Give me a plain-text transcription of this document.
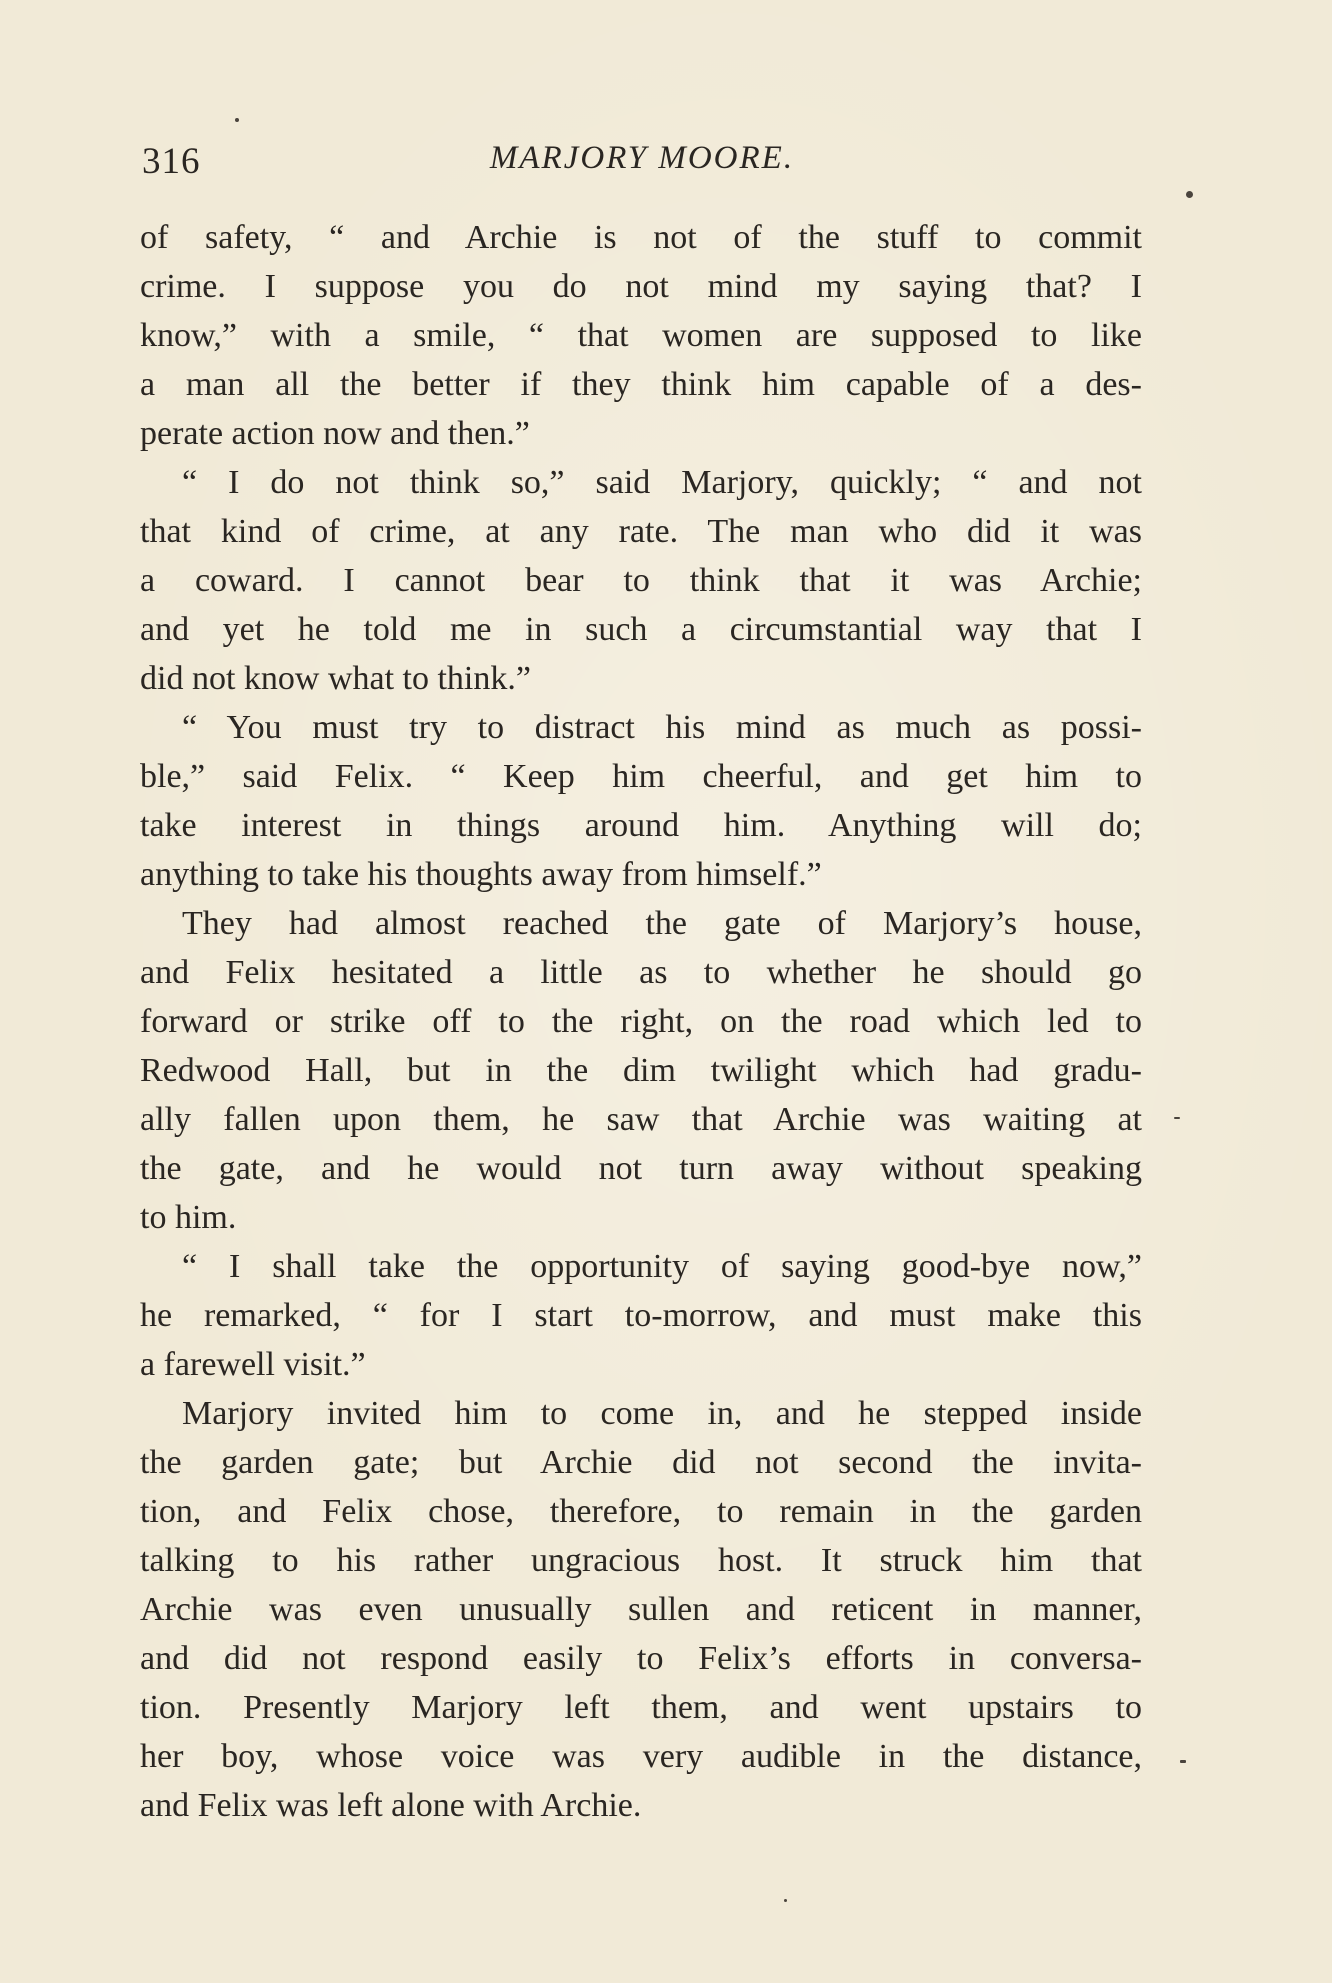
316	MARJORY MOORE.
of safety, “ and Archie is not of the stuff to commit
crime. I suppose you do not mind my saying that? I
know,” with a smile, “ that women are supposed to like
a man all the better if they think him capable of a des-
perate action now and then.”
“ I do not think so,” said Marjory, quickly; “ and not
that kind of crime, at any rate. The man who did it was
a coward. I cannot bear to think that it was Archie;
and yet he told me in such a circumstantial way that I
did not know what to think.”
“ You must try to distract his mind as much as possi-
ble,” said Felix. “ Keep him cheerful, and get him to
take interest in things around him. Anything will do;
anything to take his thoughts away from himself.”
They had almost reached the gate of Marjory’s house,
and Felix hesitated a little as to whether he should go
forward or strike off to the right, on the road which led to
Redwood Hall, but in the dim twilight which had gradu-
ally fallen upon them, he saw that Archie was waiting at
the gate, and he would not turn away without speaking
to him.
“ I shall take the opportunity of saying good-bye now,”
he remarked, “ for I start to-morrow, and must make this
a farewell visit.”
Marjory invited him to come in, and he stepped inside
the garden gate; but Archie did not second the invita-
tion, and Felix chose, therefore, to remain in the garden
talking to his rather ungracious host. It struck him that
Archie was even unusually sullen and reticent in manner,
and did not respond easily to Felix’s efforts in conversa-
tion. Presently Marjory left them, and went upstairs to
her boy, whose voice was very audible in the distance,
and Felix was left alone with Archie.
